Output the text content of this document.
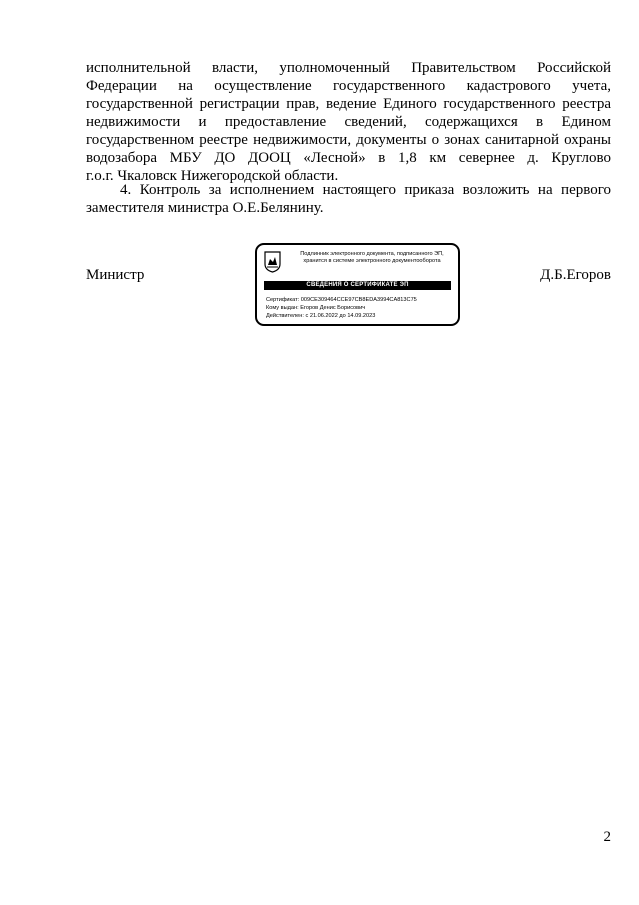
исполнительной власти, уполномоченный Правительством Российской
Федерации на осуществление государственного кадастрового учета,
государственной регистрации прав, ведение Единого государственного реестра
недвижимости и предоставление сведений, содержащихся в Едином
государственном реестре недвижимости, документы о зонах санитарной охраны
водозабора МБУ ДО ДООЦ «Лесной» в 1,8 км севернее д. Круглово
г.о.г. Чкаловск Нижегородской области.
4. Контроль за исполнением настоящего приказа возложить на первого
заместителя министра О.Е.Белянину.
Министр
Подлинник электронного документа, подписанного ЭП,
хранится в системе электронного документооборота
СВЕДЕНИЯ О СЕРТИФИКАТЕ ЭП
Сертификат: 009CE309464CCE97CB8EDA3994CA813C75
Кому выдан: Егоров Денис Борисович
Действителен: с 21.06.2022 до 14.09.2023
Д.Б.Егоров
2
